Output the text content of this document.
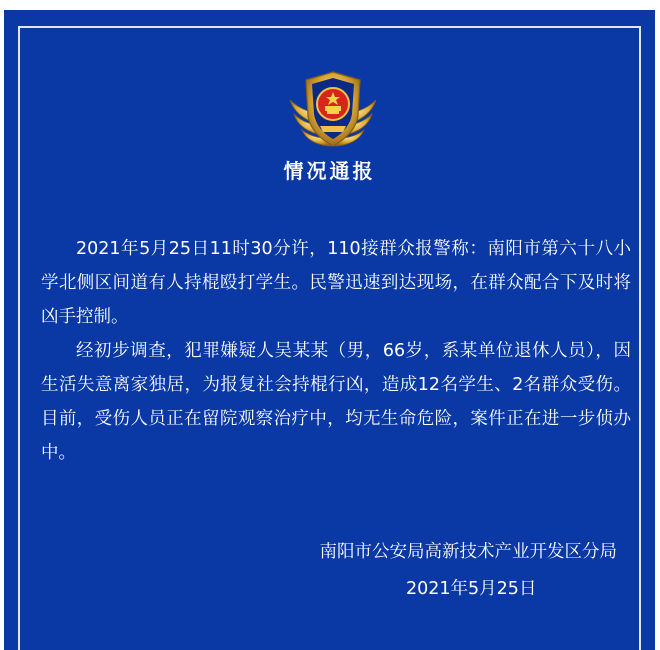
情况通报

2021年5月25日11时30分许，110接群众报警称：南阳市第六十八小学北侧区间道有人持棍殴打学生。民警迅速到达现场，在群众配合下及时将凶手控制。

经初步调查，犯罪嫌疑人吴某某（男，66岁，系某单位退休人员），因生活失意离家独居，为报复社会持棍行凶，造成12名学生、2名群众受伤。目前，受伤人员正在留院观察治疗中，均无生命危险，案件正在进一步侦办中。

南阳市公安局高新技术产业开发区分局
2021年5月25日
